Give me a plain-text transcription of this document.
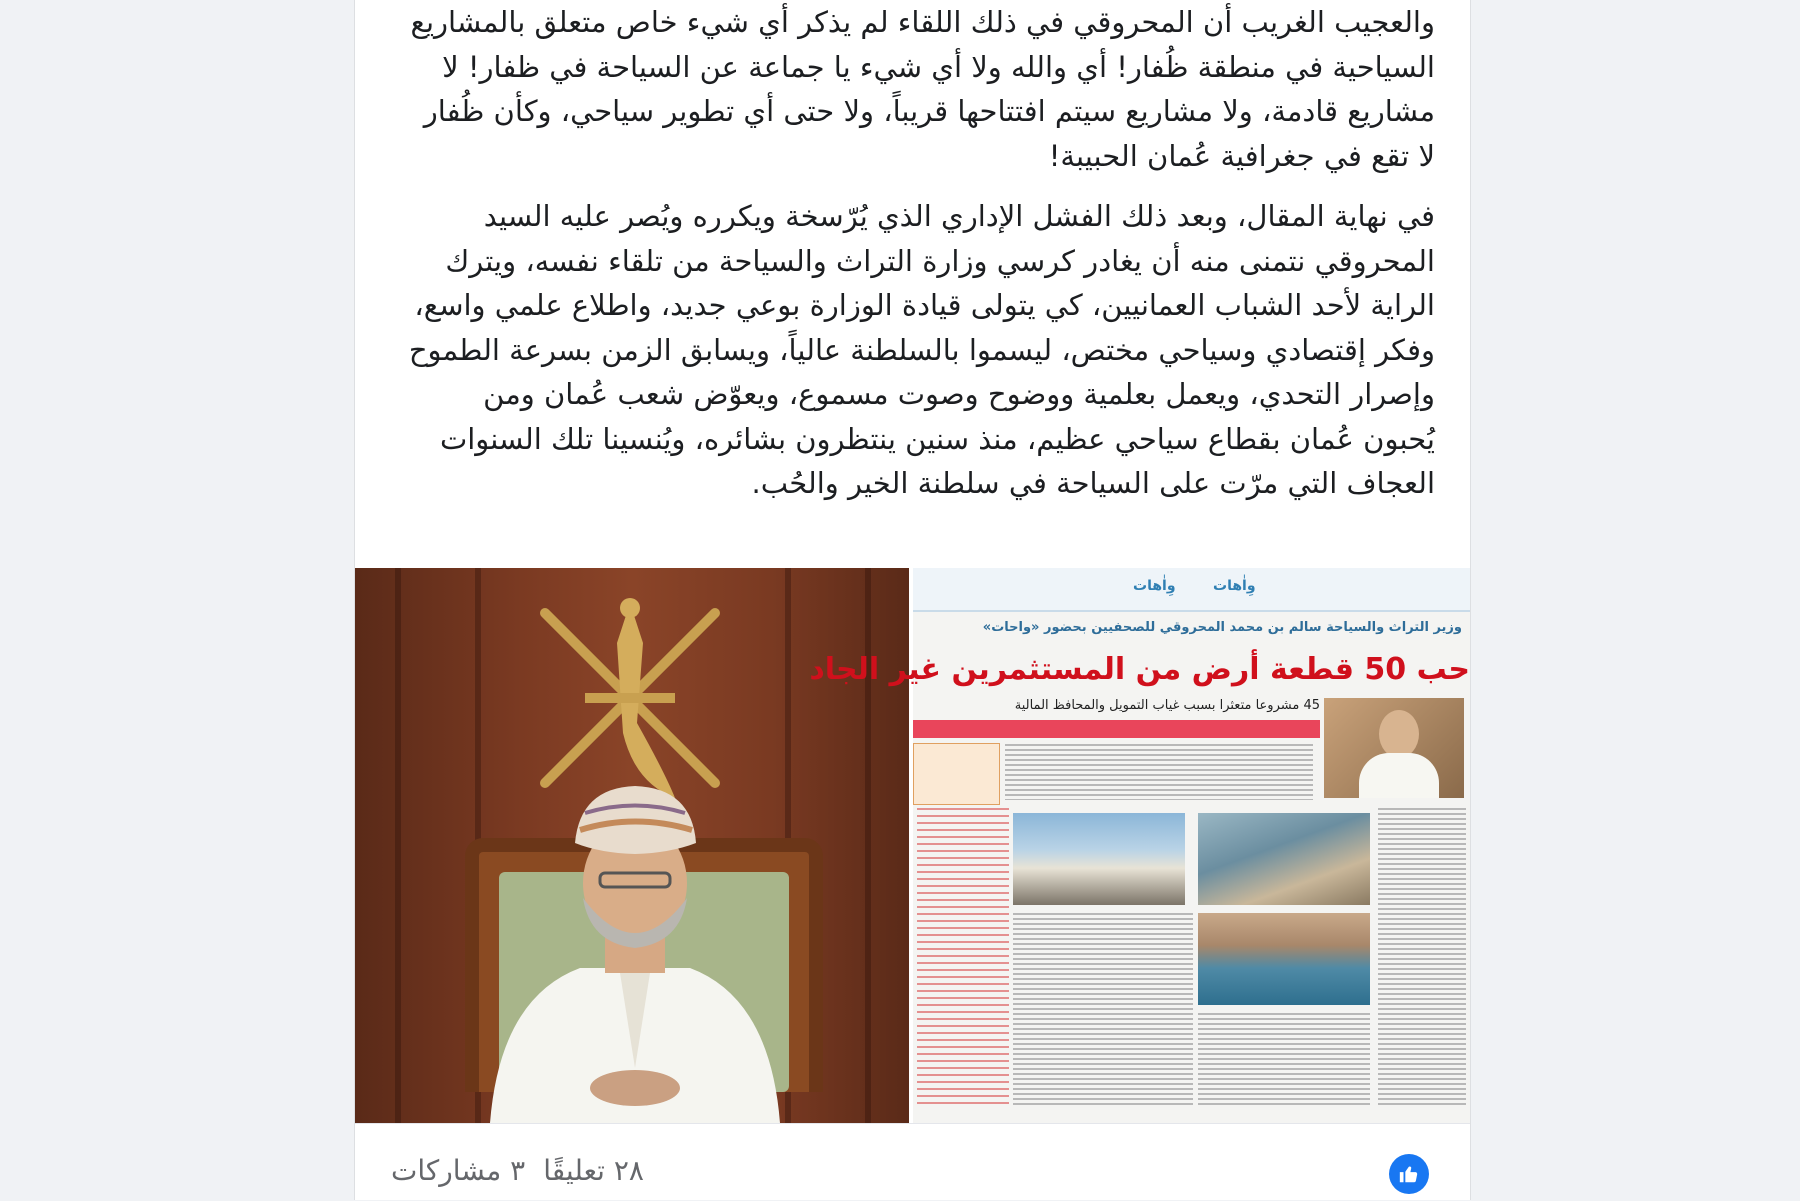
والعجيب الغريب أن المحروقي في ذلك اللقاء لم يذكر أي شيء خاص متعلق بالمشاريع السياحية في منطقة ظُفار! أي والله ولا أي شيء يا جماعة عن السياحة في ظفار! لا مشاريع قادمة، ولا مشاريع سيتم افتتاحها قريباً، ولا حتى أي تطوير سياحي، وكأن ظُفار لا تقع في جغرافية عُمان الحبيبة!

في نهاية المقال، وبعد ذلك الفشل الإداري الذي يُرّسخة ويكرره ويُصر عليه السيد المحروقي نتمنى منه أن يغادر كرسي وزارة التراث والسياحة من تلقاء نفسه، ويترك الراية لأحد الشباب العمانيين، كي يتولى قيادة الوزارة بوعي جديد، واطلاع علمي واسع، وفكر إقتصادي وسياحي مختص، ليسموا بالسلطنة عالياً، ويسابق الزمن بسرعة الطموح وإصرار التحدي، ويعمل بعلمية ووضوح وصوت مسموع، ويعوّض شعب عُمان ومن يُحبون عُمان بقطاع سياحي عظيم، منذ سنين ينتظرون بشائره، ويُنسينا تلك السنوات العجاف التي مرّت على السياحة في سلطنة الخير والحُب.

وِاٰهات
وِاٰهات
وزير التراث والسياحة سالم بن محمد المحروقي للصحفيين بحضور «واحات»
حب 50 قطعة أرض من المستثمرين غير الجاد
45 مشروعا متعثرا بسبب غياب التمويل والمحافظ المالية
٢٨ تعليقًا
٣ مشاركات
